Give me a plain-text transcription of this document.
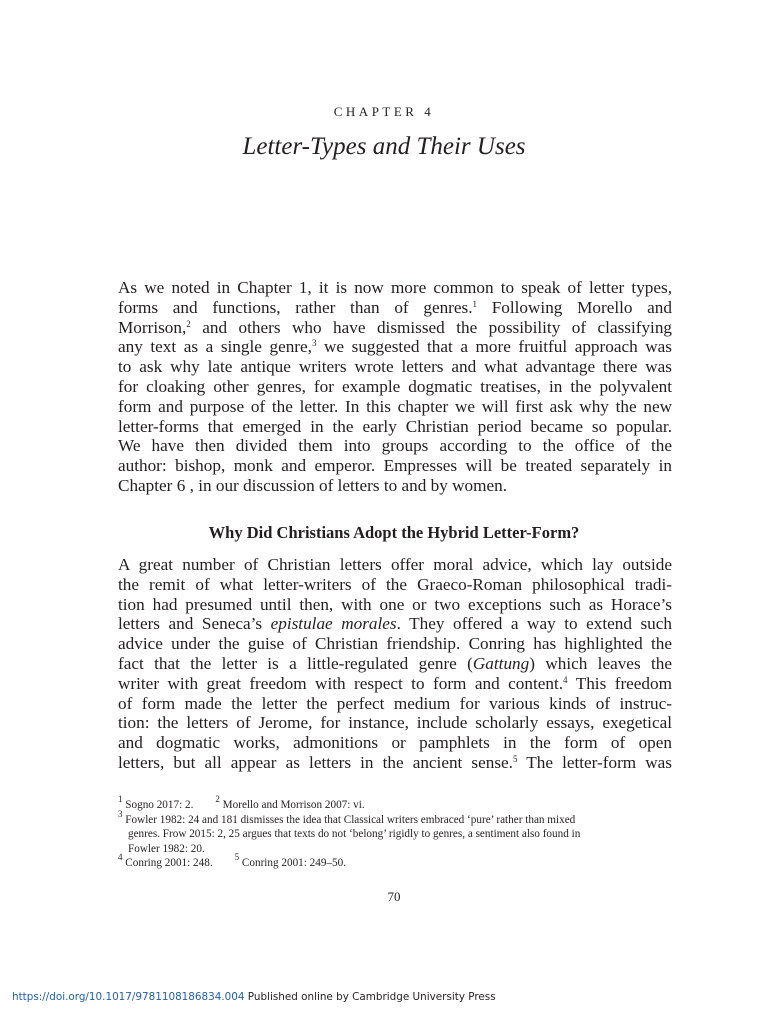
CHAPTER 4
Letter-Types and Their Uses
As we noted in Chapter 1, it is now more common to speak of letter types,
forms and functions, rather than of genres.$^1$ Following Morello and
Morrison,$^2$ and others who have dismissed the possibility of classifying
any text as a single genre,$^3$ we suggested that a more fruitful approach was
to ask why late antique writers wrote letters and what advantage there was
for cloaking other genres, for example dogmatic treatises, in the polyvalent
form and purpose of the letter. In this chapter we will first ask why the new
letter-forms that emerged in the early Christian period became so popular.
We have then divided them into groups according to the office of the
author: bishop, monk and emperor. Empresses will be treated separately in
Chapter 6 , in our discussion of letters to and by women.
Why Did Christians Adopt the Hybrid Letter-Form?
A great number of Christian letters offer moral advice, which lay outside
the remit of what letter-writers of the Graeco-Roman philosophical tradi-
tion had presumed until then, with one or two exceptions such as Horace’s
letters and Seneca’s epistulae morales. They offered a way to extend such
advice under the guise of Christian friendship. Conring has highlighted the
fact that the letter is a little-regulated genre (Gattung) which leaves the
writer with great freedom with respect to form and content.$^4$ This freedom
of form made the letter the perfect medium for various kinds of instruc-
tion: the letters of Jerome, for instance, include scholarly essays, exegetical
and dogmatic works, admonitions or pamphlets in the form of open
letters, but all appear as letters in the ancient sense.$^5$ The letter-form was
$^1$ Sogno 2017: 2. $^2$ Morello and Morrison 2007: vi.
$^3$ Fowler 1982: 24 and 181 dismisses the idea that Classical writers embraced ‘pure’ rather than mixed
genres. Frow 2015: 2, 25 argues that texts do not ‘belong’ rigidly to genres, a sentiment also found in
Fowler 1982: 20.
$^4$ Conring 2001: 248. $^5$ Conring 2001: 249–50.
70
https://doi.org/10.1017/9781108186834.004 Published online by Cambridge University Press
